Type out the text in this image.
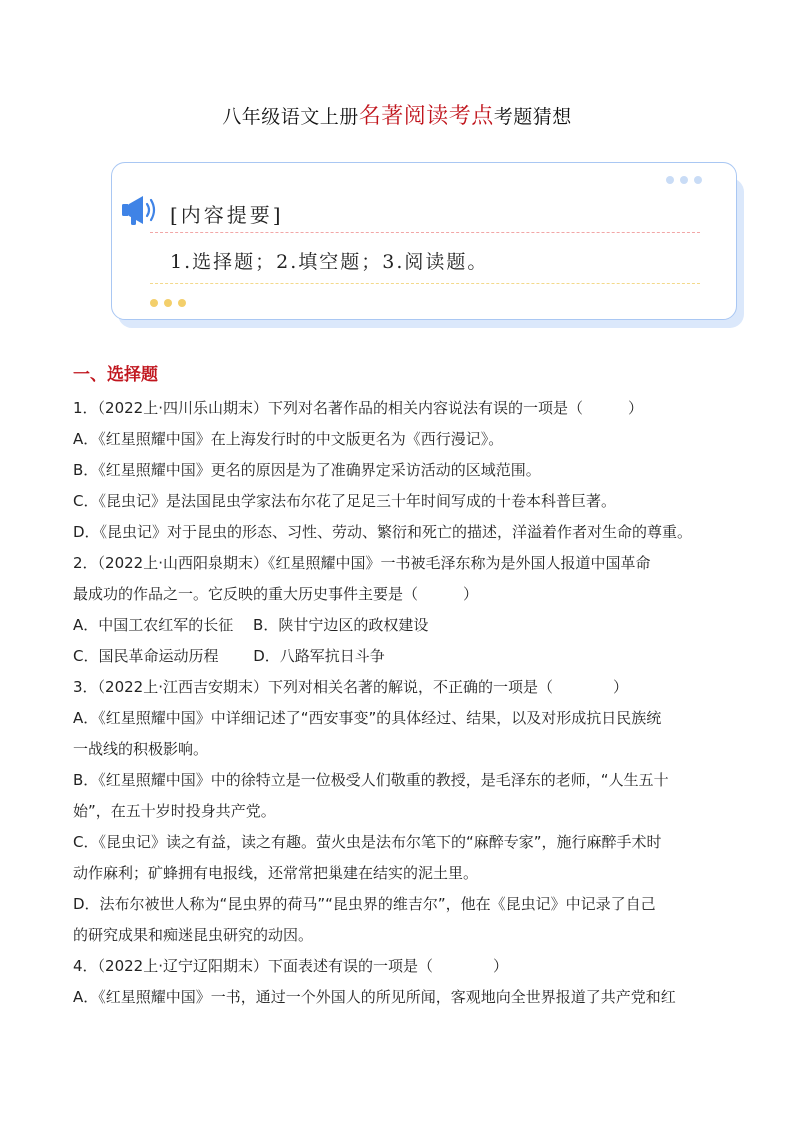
八年级语文上册名著阅读考点考题猜想
[内容提要]
1.选择题；2.填空题；3.阅读题。
一、选择题
1．（2022上·四川乐山期末）下列对名著作品的相关内容说法有误的一项是（　　　）
A．《红星照耀中国》在上海发行时的中文版更名为《西行漫记》。
B．《红星照耀中国》更名的原因是为了准确界定采访活动的区域范围。
C．《昆虫记》是法国昆虫学家法布尔花了足足三十年时间写成的十卷本科普巨著。
D．《昆虫记》对于昆虫的形态、习性、劳动、繁衍和死亡的描述，洋溢着作者对生命的尊重。
2．（2022上·山西阳泉期末）《红星照耀中国》一书被毛泽东称为是外国人报道中国革命
最成功的作品之一。它反映的重大历史事件主要是（　　　）
A．中国工农红军的长征　 B．陕甘宁边区的政权建设
C．国民革命运动历程　　 D．八路军抗日斗争
3．（2022上·江西吉安期末）下列对相关名著的解说，不正确的一项是（　　　　）
A．《红星照耀中国》中详细记述了“西安事变”的具体经过、结果，以及对形成抗日民族统
一战线的积极影响。
B．《红星照耀中国》中的徐特立是一位极受人们敬重的教授，是毛泽东的老师，“人生五十
始”，在五十岁时投身共产党。
C．《昆虫记》读之有益，读之有趣。萤火虫是法布尔笔下的“麻醉专家”，施行麻醉手术时
动作麻利；矿蜂拥有电报线，还常常把巢建在结实的泥土里。
D．法布尔被世人称为“昆虫界的荷马”“昆虫界的维吉尔”，他在《昆虫记》中记录了自己
的研究成果和痴迷昆虫研究的动因。
4．（2022上·辽宁辽阳期末）下面表述有误的一项是（　　　　）
A．《红星照耀中国》一书，通过一个外国人的所见所闻，客观地向全世界报道了共产党和红
